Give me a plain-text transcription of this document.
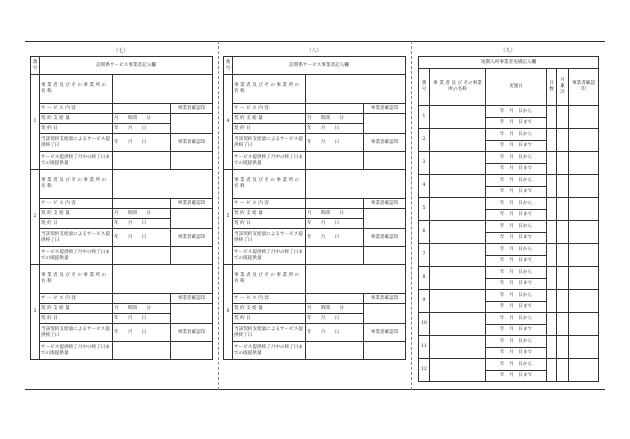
（七）
番号	訪問系サービス事業者記入欄		
1	事 業 者 及 び そ の 事 業 所 の 名 称		
	サ ー ビ ス 内 容		事業者確認印
	契 約 支 給 量	月　　時間　　分	
	契 約 日	年　　月　　日	
	当該契約支給量によるサービス提供終了日	年　　月　　日	事業者確認印
	サービス提供終了月中の終了日までの既提供量		
2	事 業 者 及 び そ の 事 業 所 の 名 称		
	サ ー ビ ス 内 容		事業者確認印
	契 約 支 給 量	月　　時間　　分	
	契 約 日	年　　月　　日	
	当該契約支給量によるサービス提供終了日	年　　月　　日	事業者確認印
	サービス提供終了月中の終了日までの既提供量		
3	事 業 者 及 び そ の 事 業 所 の 名 称		
	サ ー ビ ス 内 容		事業者確認印
	契 約 支 給 量	月　　時間　　分	
	契 約 日	年　　月　　日	
	当該契約支給量によるサービス提供終了日	年　　月　　日	事業者確認印
	サービス提供終了月中の終了日までの既提供量		
（八）
番号	訪問系サービス事業者記入欄		
4	事 業 者 及 び そ の 事 業 所 の 名 称		
	サ ー ビ ス 内 容		事業者確認印
	契 約 支 給 量	月　　時間　　分	
	契 約 日	年　　月　　日	
	当該契約支給量によるサービス提供終了日	年　　月　　日	事業者確認印
	サービス提供終了月中の終了日までの既提供量		
5	事 業 者 及 び そ の 事 業 所 の 名 称		
	サ ー ビ ス 内 容		事業者確認印
	契 約 支 給 量	月　　時間　　分	
	契 約 日	年　　月　　日	
	当該契約支給量によるサービス提供終了日	年　　月　　日	事業者確認印
	サービス提供終了月中の終了日までの既提供量		
6	事 業 者 及 び そ の 事 業 所 の 名 称		
	サ ー ビ ス 内 容		事業者確認印
	契 約 支 給 量	月　　時間　　分	
	契 約 日	年　　月　　日	
	当該契約支給量によるサービス提供終了日	年　　月　　日	事業者確認印
	サービス提供終了月中の終了日までの既提供量		
（九）
短期入所事業者実績記入欄					
番号	事 業 者 及 び その事業所の名称	実施日	日数	月累計	事業者確認印
1		年　月　日から			
		年　月　日まで			
2		年　月　日から			
		年　月　日まで			
3		年　月　日から			
		年　月　日まで			
4		年　月　日から			
		年　月　日まで			
5		年　月　日から			
		年　月　日まで			
6		年　月　日から			
		年　月　日まで			
7		年　月　日から			
		年　月　日まで			
8		年　月　日から			
		年　月　日まで			
9		年　月　日から			
		年　月　日まで			
10		年　月　日から			
		年　月　日まで			
11		年　月　日から			
		年　月　日まで			
12		年　月　日から			
		年　月　日まで			
